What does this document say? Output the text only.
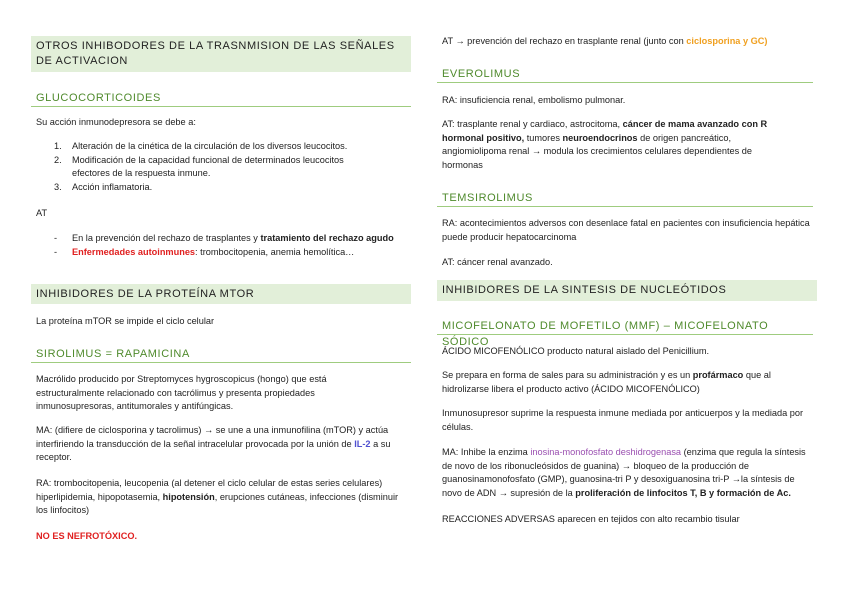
OTROS INHIBODORES DE LA TRASNMISION DE LAS SEÑALES DE ACTIVACION
GLUCOCORTICOIDES

Su acción inmunodepresora se debe a:

1. Alteración de la cinética de la circulación de los diversos leucocitos.
2. Modificación de la capacidad funcional de determinados leucocitos efectores de la respuesta inmune.
3. Acción inflamatoria.

AT

- En la prevención del rechazo de trasplantes y tratamiento del rechazo agudo
- Enfermedades autoinmunes: trombocitopenia, anemia hemolítica…
INHIBIDORES DE LA PROTEÍNA MTOR

La proteína mTOR se impide el ciclo celular

SIROLIMUS = RAPAMICINA

Macrólido producido por Streptomyces hygroscopicus (hongo) que está estructuralmente relacionado con tacrólimus y presenta propiedades inmunosupresoras, antitumorales y antifúngicas.

MA: (difiere de ciclosporina y tacrolimus) → se une a una inmunofilina (mTOR) y actúa interfiriendo la transducción de la señal intracelular provocada por la unión de IL-2 a su receptor.

RA: trombocitopenia, leucopenia (al detener el ciclo celular de estas series celulares) hiperlipidemia, hipopotasemia, hipotensión, erupciones cutáneas, infecciones (disminuir los linfocitos)

NO ES NEFROTÓXICO.

AT → prevención del rechazo en trasplante renal (junto con ciclosporina y GC)

EVEROLIMUS

RA: insuficiencia renal, embolismo pulmonar.

AT: trasplante renal y cardiaco, astrocitoma, cáncer de mama avanzado con R hormonal positivo, tumores neuroendocrinos de origen pancreático, angiomiolipoma renal → modula los crecimientos celulares dependientes de hormonas

TEMSIROLIMUS

RA: acontecimientos adversos con desenlace fatal en pacientes con insuficiencia hepática puede producir hepatocarcinoma

AT: cáncer renal avanzado.

INHIBIDORES DE LA SINTESIS DE NUCLEÓTIDOS
MICOFELONATO DE MOFETILO (MMF) – MICOFELONATO SÓDICO

ÁCIDO MICOFENÓLICO producto natural aislado del Penicillium.

Se prepara en forma de sales para su administración y es un profármaco que al hidrolizarse libera el producto activo (ÁCIDO MICOFENÓLICO)

Inmunosupresor suprime la respuesta inmune mediada por anticuerpos y la mediada por células.

MA: Inhibe la enzima inosina-monofosfato deshidrogenasa (enzima que regula la síntesis de novo de los ribonucleósidos de guanina) → bloqueo de la producción de guanosinamonofosfato (GMP), guanosina-tri P y desoxiguanosina tri-P →la síntesis de novo de ADN → supresión de la proliferación de linfocitos T, B y formación de Ac.

REACCIONES ADVERSAS aparecen en tejidos con alto recambio tisular
